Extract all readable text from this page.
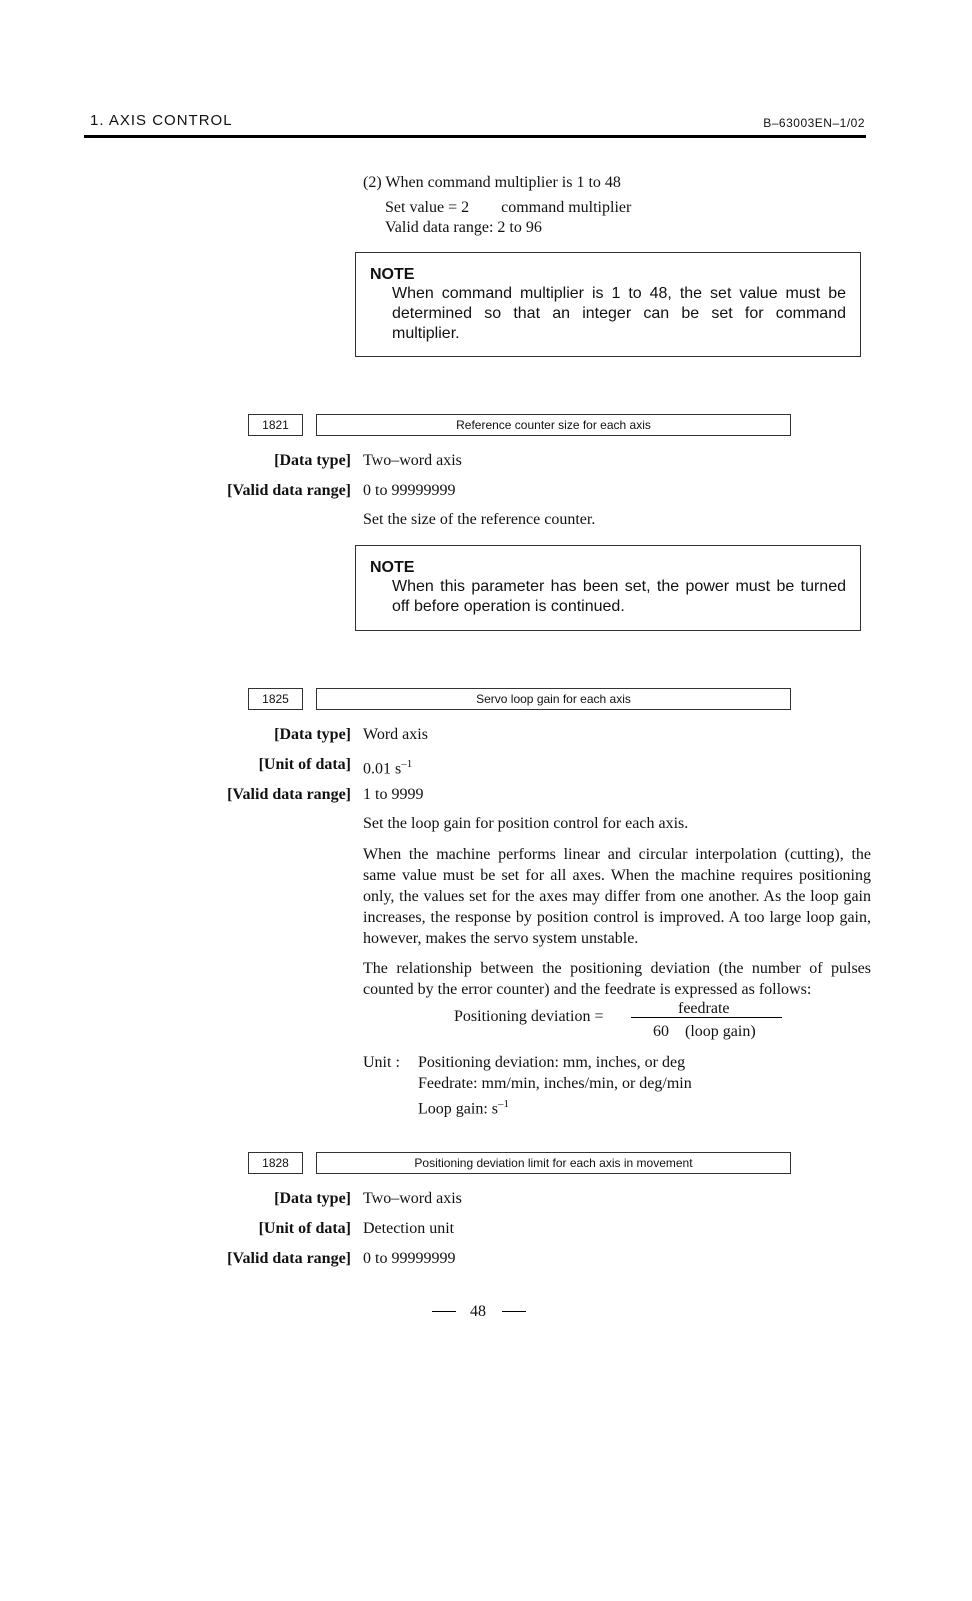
1. AXIS CONTROL	B–63003EN–1/02
(2) When command multiplier is 1 to 48
Set value = 2        command multiplier
Valid data range: 2 to 96
NOTE
When command multiplier is 1 to 48, the set value must be determined so that an integer can be set for command multiplier.
1821	Reference counter size for each axis
[Data type] Two–word axis
[Valid data range] 0 to 99999999
Set the size of the reference counter.
NOTE
When this parameter has been set, the power must be turned off before operation is continued.
1825	Servo loop gain for each axis
[Data type] Word axis
[Unit of data] 0.01 $s^{-1}$
[Valid data range] 1 to 9999
Set the loop gain for position control for each axis.
When the machine performs linear and circular interpolation (cutting), the same value must be set for all axes. When the machine requires positioning only, the values set for the axes may differ from one another. As the loop gain increases, the response by position control is improved. A too large loop gain, however, makes the servo system unstable.
The relationship between the positioning deviation (the number of pulses counted by the error counter) and the feedrate is expressed as follows:
Positioning deviation =	feedrate
60    (loop gain)
Unit : Positioning deviation: mm, inches, or deg
Feedrate: mm/min, inches/min, or deg/min
Loop gain: $s^{-1}$
1828	Positioning deviation limit for each axis in movement
[Data type] Two–word axis
[Unit of data] Detection unit
[Valid data range] 0 to 99999999
48
